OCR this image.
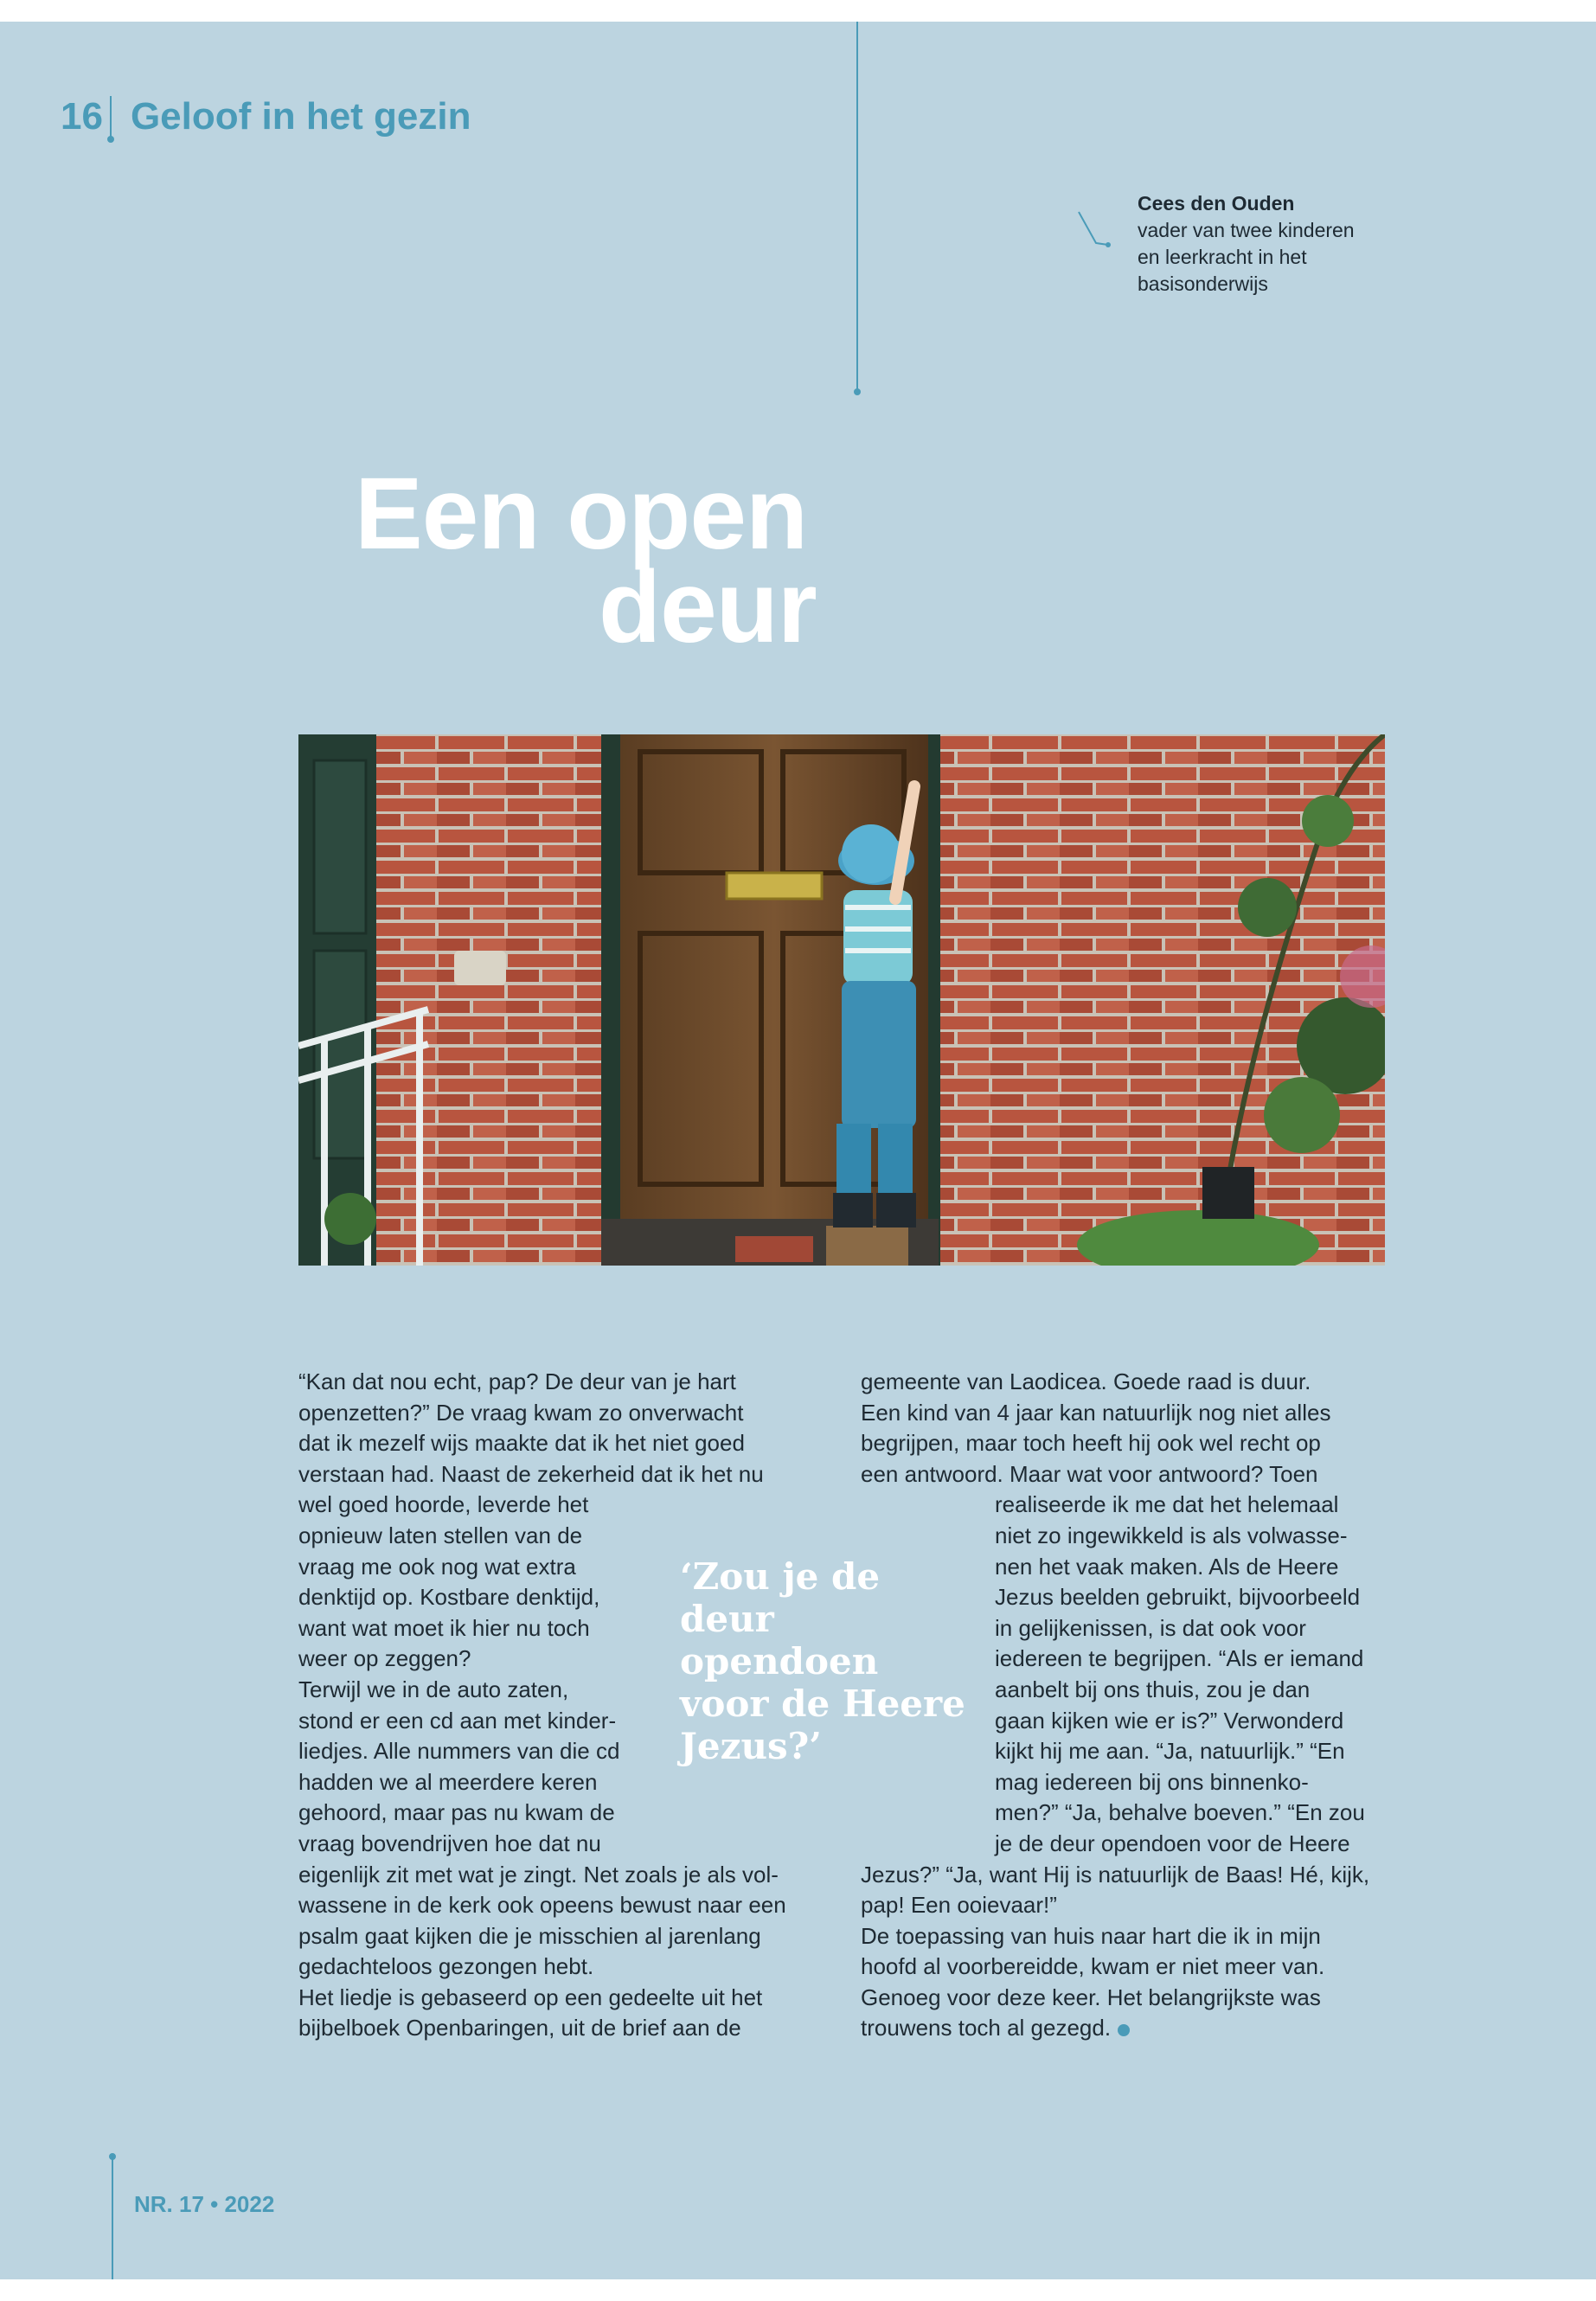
16 Geloof in het gezin
Cees den Ouden
vader van twee kinderen
en leerkracht in het
basisonderwijs
Een open
deur
“Kan dat nou echt, pap? De deur van je hart
openzetten?” De vraag kwam zo onverwacht
dat ik mezelf wijs maakte dat ik het niet goed
verstaan had. Naast de zekerheid dat ik het nu
wel goed hoorde, leverde het
opnieuw laten stellen van de
vraag me ook nog wat extra
denktijd op. Kostbare denktijd,
want wat moet ik hier nu toch
weer op zeggen?
Terwijl we in de auto zaten,
stond er een cd aan met kinder-
liedjes. Alle nummers van die cd
hadden we al meerdere keren
gehoord, maar pas nu kwam de
vraag bovendrijven hoe dat nu
eigenlijk zit met wat je zingt. Net zoals je als vol-
wassene in de kerk ook opeens bewust naar een
psalm gaat kijken die je misschien al jarenlang
gedachteloos gezongen hebt.
Het liedje is gebaseerd op een gedeelte uit het
bijbelboek Openbaringen, uit de brief aan de
‘Zou je de deur opendoen voor de Heere Jezus?’
gemeente van Laodicea. Goede raad is duur.
Een kind van 4 jaar kan natuurlijk nog niet alles
begrijpen, maar toch heeft hij ook wel recht op
een antwoord. Maar wat voor antwoord? Toen
realiseerde ik me dat het helemaal
niet zo ingewikkeld is als volwasse-
nen het vaak maken. Als de Heere
Jezus beelden gebruikt, bijvoorbeeld
in gelijkenissen, is dat ook voor
iedereen te begrijpen. “Als er iemand
aanbelt bij ons thuis, zou je dan
gaan kijken wie er is?” Verwonderd
kijkt hij me aan. “Ja, natuurlijk.” “En
mag iedereen bij ons binnenko-
men?” “Ja, behalve boeven.” “En zou
je de deur opendoen voor de Heere
Jezus?” “Ja, want Hij is natuurlijk de Baas! Hé, kijk,
pap! Een ooievaar!”
De toepassing van huis naar hart die ik in mijn
hoofd al voorbereidde, kwam er niet meer van.
Genoeg voor deze keer. Het belangrijkste was
trouwens toch al gezegd.
NR. 17 • 2022
